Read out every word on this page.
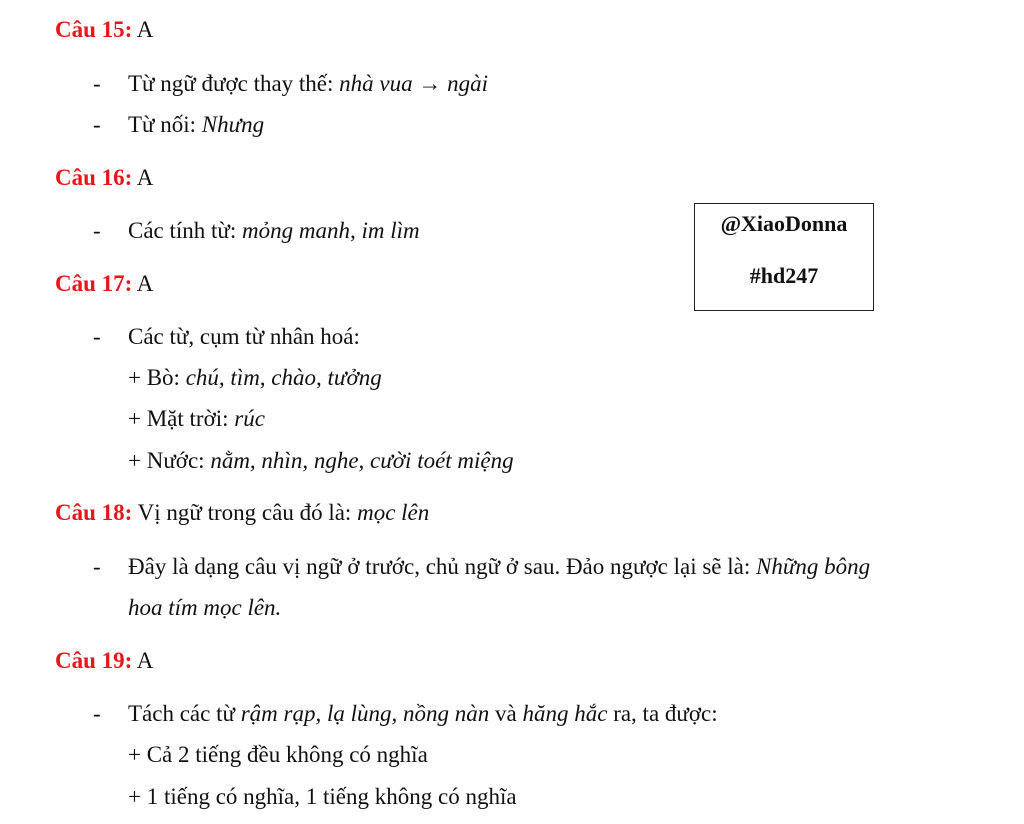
Câu 15: A
- Từ ngữ được thay thế: nhà vua → ngài
- Từ nối: Nhưng
Câu 16: A
- Các tính từ: mỏng manh, im lìm	@XiaoDonna
#hd247
Câu 17: A
- Các từ, cụm từ nhân hoá:
+ Bò: chú, tìm, chào, tưởng
+ Mặt trời: rúc
+ Nước: nằm, nhìn, nghe, cười toét miệng
Câu 18: Vị ngữ trong câu đó là: mọc lên
- Đây là dạng câu vị ngữ ở trước, chủ ngữ ở sau. Đảo ngược lại sẽ là: Những bông
hoa tím mọc lên.
Câu 19: A
- Tách các từ rậm rạp, lạ lùng, nồng nàn và hăng hắc ra, ta được:
+ Cả 2 tiếng đều không có nghĩa
+ 1 tiếng có nghĩa, 1 tiếng không có nghĩa
